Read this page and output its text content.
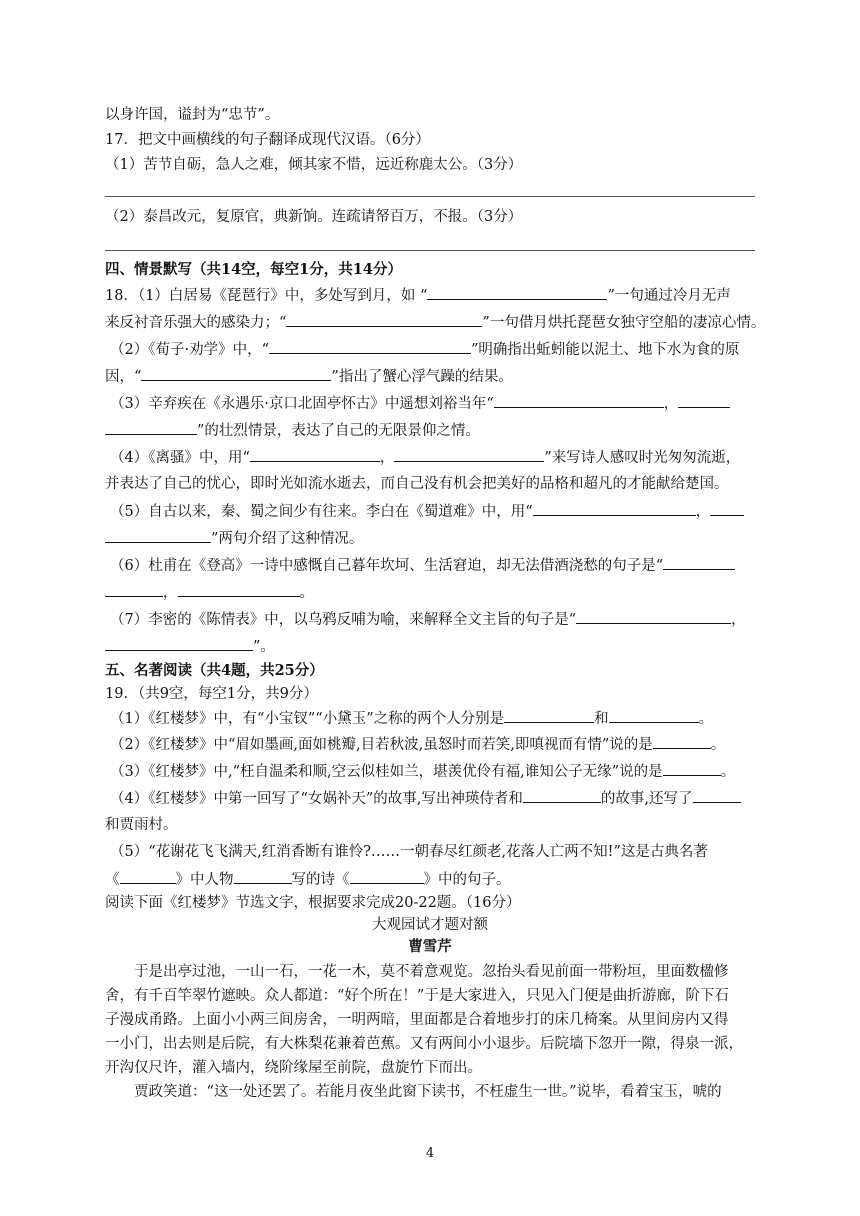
以身许国，谥封为“忠节”。
17．把文中画横线的句子翻译成现代汉语。（6分）
（1）苦节自砺，急人之难，倾其家不惜，远近称鹿太公。（3分）
（2）泰昌改元，复原官，典新饷。连疏请帑百万，不报。（3分）
四、情景默写（共14空，每空1分，共14分）
18．（1）白居易《琵琶行》中，多处写到月，如 “	”一句通过冷月无声
来反衬音乐强大的感染力；“	”一句借月烘托琵琶女独守空船的凄凉心情。
（2）《荀子·劝学》中，“	”明确指出蚯蚓能以泥土、地下水为食的原
因，“	”指出了蟹心浮气躁的结果。
（3）辛弃疾在《永遇乐·京口北固亭怀古》中遥想刘裕当年“	，
”的壮烈情景，表达了自己的无限景仰之情。
（4）《离骚》中，用“	，	”来写诗人感叹时光匆匆流逝，
并表达了自己的忧心，即时光如流水逝去，而自己没有机会把美好的品格和超凡的才能献给楚国。
（5）自古以来，秦、蜀之间少有往来。李白在《蜀道难》中，用“	，
”两句介绍了这种情况。
（6）杜甫在《登高》一诗中感慨自己暮年坎坷、生活窘迫，却无法借酒浇愁的句子是“
，	。
（7）李密的《陈情表》中，以乌鸦反哺为喻，来解释全文主旨的句子是“	，
”。
五、名著阅读（共4题，共25分）
19．（共9空，每空1分，共9分）
（1）《红楼梦》中，有“小宝钗”“小黛玉”之称的两个人分别是	和	。
（2）《红楼梦》中“眉如墨画,面如桃瓣,目若秋波,虽怒时而若笑,即嗔视而有情”说的是	。
（3）《红楼梦》中,“枉自温柔和顺,空云似桂如兰，堪羡优伶有福,谁知公子无缘”说的是	。
（4）《红楼梦》中第一回写了“女娲补天”的故事,写出神瑛侍者和	的故事,还写了
和贾雨村。
（5）“花谢花飞飞满天,红消香断有谁怜?……一朝春尽红颜老,花落人亡两不知!”这是古典名著
《	》中人物	写的诗《	》中的句子。
阅读下面《红楼梦》节选文字，根据要求完成20-22题。（16分）
大观园试才题对额
曹雪芹
于是出亭过池，一山一石，一花一木，莫不着意观览。忽抬头看见前面一带粉垣，里面数楹修
舍，有千百竿翠竹遮映。众人都道：“好个所在！”于是大家进入，只见入门便是曲折游廊，阶下石
子漫成甬路。上面小小两三间房舍，一明两暗，里面都是合着地步打的床几椅案。从里间房内又得
一小门，出去则是后院，有大株梨花兼着芭蕉。又有两间小小退步。后院墙下忽开一隙，得泉一派，
开沟仅尺许，灌入墙内，绕阶缘屋至前院，盘旋竹下而出。
贾政笑道：“这一处还罢了。若能月夜坐此窗下读书，不枉虚生一世。”说毕，看着宝玉，唬的
4
